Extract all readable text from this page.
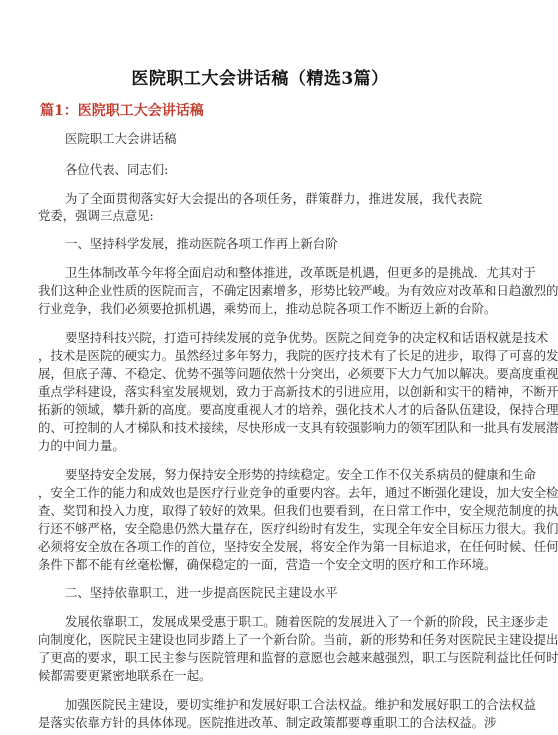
医院职工大会讲话稿（精选3篇）
篇1：医院职工大会讲话稿
医院职工大会讲话稿
各位代表、同志们:
为了全面贯彻落实好大会提出的各项任务，群策群力，推进发展，我代表院
党委，强调三点意见:
一、坚持科学发展，推动医院各项工作再上新台阶
卫生体制改革今年将全面启动和整体推进，改革既是机遇，但更多的是挑战．尤其对于
我们这种企业性质的医院而言，不确定因素增多，形势比较严峻。为有效应对改革和日趋激烈的
行业竞争，我们必须要抢抓机遇，乘势而上，推动总院各项工作不断迈上新的台阶。
要坚持科技兴院，打造可持续发展的竞争优势。医院之间竞争的决定权和话语权就是技术
，技术是医院的硬实力。虽然经过多年努力，我院的医疗技术有了长足的进步，取得了可喜的发
展，但底子薄、不稳定、优势不强等问题依然十分突出，必须要下大力气加以解决。要高度重视
重点学科建设，落实科室发展规划，致力于高新技术的引进应用，以创新和实干的精神，不断开
拓新的领域，攀升新的高度。要高度重视人才的培养，强化技术人才的后备队伍建设，保持合理
的、可控制的人才梯队和技术接续，尽快形成一支具有较强影响力的领军团队和一批具有发展潜
力的中间力量。
要坚持安全发展，努力保持安全形势的持续稳定。安全工作不仅关系病员的健康和生命
，安全工作的能力和成效也是医疗行业竞争的重要内容。去年，通过不断强化建设，加大安全检
查、奖罚和投入力度，取得了较好的效果。但我们也要看到，在日常工作中，安全规范制度的执
行还不够严格，安全隐患仍然大量存在，医疗纠纷时有发生，实现全年安全目标压力很大。我们
必须将安全放在各项工作的首位，坚持安全发展，将安全作为第一目标追求，在任何时候、任何
条件下都不能有丝毫松懈，确保稳定的一面，营造一个安全文明的医疗和工作环境。
二、坚持依靠职工，进一步提高医院民主建设水平
发展依靠职工，发展成果受惠于职工。随着医院的发展进入了一个新的阶段，民主逐步走
向制度化，医院民主建设也同步踏上了一个新台阶。当前，新的形势和任务对医院民主建设提出
了更高的要求，职工民主参与医院管理和监督的意愿也会越来越强烈，职工与医院利益比任何时
候都需要更紧密地联系在一起。
加强医院民主建设，要切实维护和发展好职工合法权益。维护和发展好职工的合法权益
是落实依靠方针的具体体现。医院推进改革、制定政策都要尊重职工的合法权益。涉
